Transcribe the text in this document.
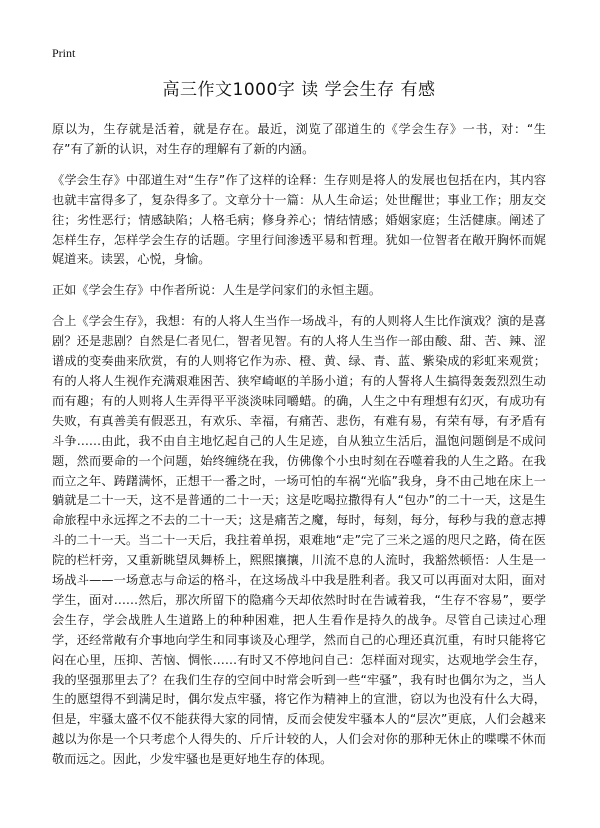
Print
高三作文1000字 读 学会生存 有感

原以为，生存就是活着，就是存在。最近，浏览了邵道生的《学会生存》一书，对：“生存”有了新的认识，对生存的理解有了新的内涵。

《学会生存》中邵道生对“生存”作了这样的诠释：生存则是将人的发展也包括在内，其内容也就丰富得多了，复杂得多了。文章分十一篇：从人生命运；处世醒世；事业工作；朋友交往；劣性恶行；情感缺陷；人格毛病；修身养心；情结情感；婚姻家庭；生活健康。阐述了怎样生存，怎样学会生存的话题。字里行间渗透平易和哲理。犹如一位智者在敞开胸怀而娓娓道来。读罢，心悦，身愉。

正如《学会生存》中作者所说：人生是学问家们的永恒主题。

合上《学会生存》，我想：有的人将人生当作一场战斗，有的人则将人生比作演戏？演的是喜剧？还是悲剧？自然是仁者见仁，智者见智。有的人将人生当作一部由酸、甜、苦、辣、涩谱成的变奏曲来欣赏，有的人则将它作为赤、橙、黄、绿、青、蓝、紫染成的彩虹来观赏；有的人将人生视作充满艰难困苦、狭窄崎岖的羊肠小道；有的人誓将人生搞得轰轰烈烈生动而有趣；有的人则将人生弄得平平淡淡味同嚼蜡。的确，人生之中有理想有幻灭，有成功有失败，有真善美有假恶丑，有欢乐、幸福，有痛苦、悲伤，有难有易，有荣有辱，有矛盾有斗争……由此，我不由自主地忆起自己的人生足迹，自从独立生活后，温饱问题倒是不成问题，然而要命的一个问题，始终缠绕在我，仿佛像个小虫时刻在吞噬着我的人生之路。在我而立之年、踌躇满怀，正想干一番之时，一场可怕的车祸“光临”我身，身不由己地在床上一躺就是二十一天，这不是普通的二十一天；这是吃喝拉撒得有人“包办”的二十一天，这是生命旅程中永远挥之不去的二十一天；这是痛苦之魔，每时，每刻，每分，每秒与我的意志搏斗的二十一天。当二十一天后，我拄着单拐，艰难地“走”完了三米之遥的咫尺之路，倚在医院的栏杆旁，又重新眺望凤舞桥上，熙熙攘攘，川流不息的人流时，我豁然顿悟：人生是一场战斗——一场意志与命运的格斗，在这场战斗中我是胜利者。我又可以再面对太阳，面对学生，面对……然后，那次所留下的隐痛今天却依然时时在告诫着我，“生存不容易”，要学会生存，学会战胜人生道路上的种种困难，把人生看作是持久的战争。尽管自己读过心理学，还经常敞有介事地向学生和同事谈及心理学，然而自己的心理还真沉重，有时只能将它闷在心里，压抑、苦恼、惆怅……有时又不停地问自己：怎样面对现实，达观地学会生存，我的坚强那里去了？在我们生存的空间中时常会听到一些“牢骚”，我有时也偶尔为之，当人生的愿望得不到满足时，偶尔发点牢骚，将它作为精神上的宣泄，窃以为也没有什么大碍，但是，牢骚太盛不仅不能获得大家的同情，反而会使发牢骚本人的“层次”更底，人们会越来越以为你是一个只考虑个人得失的、斤斤计较的人，人们会对你的那种无休止的喋喋不休而敬而远之。因此，少发牢骚也是更好地生存的体现。
